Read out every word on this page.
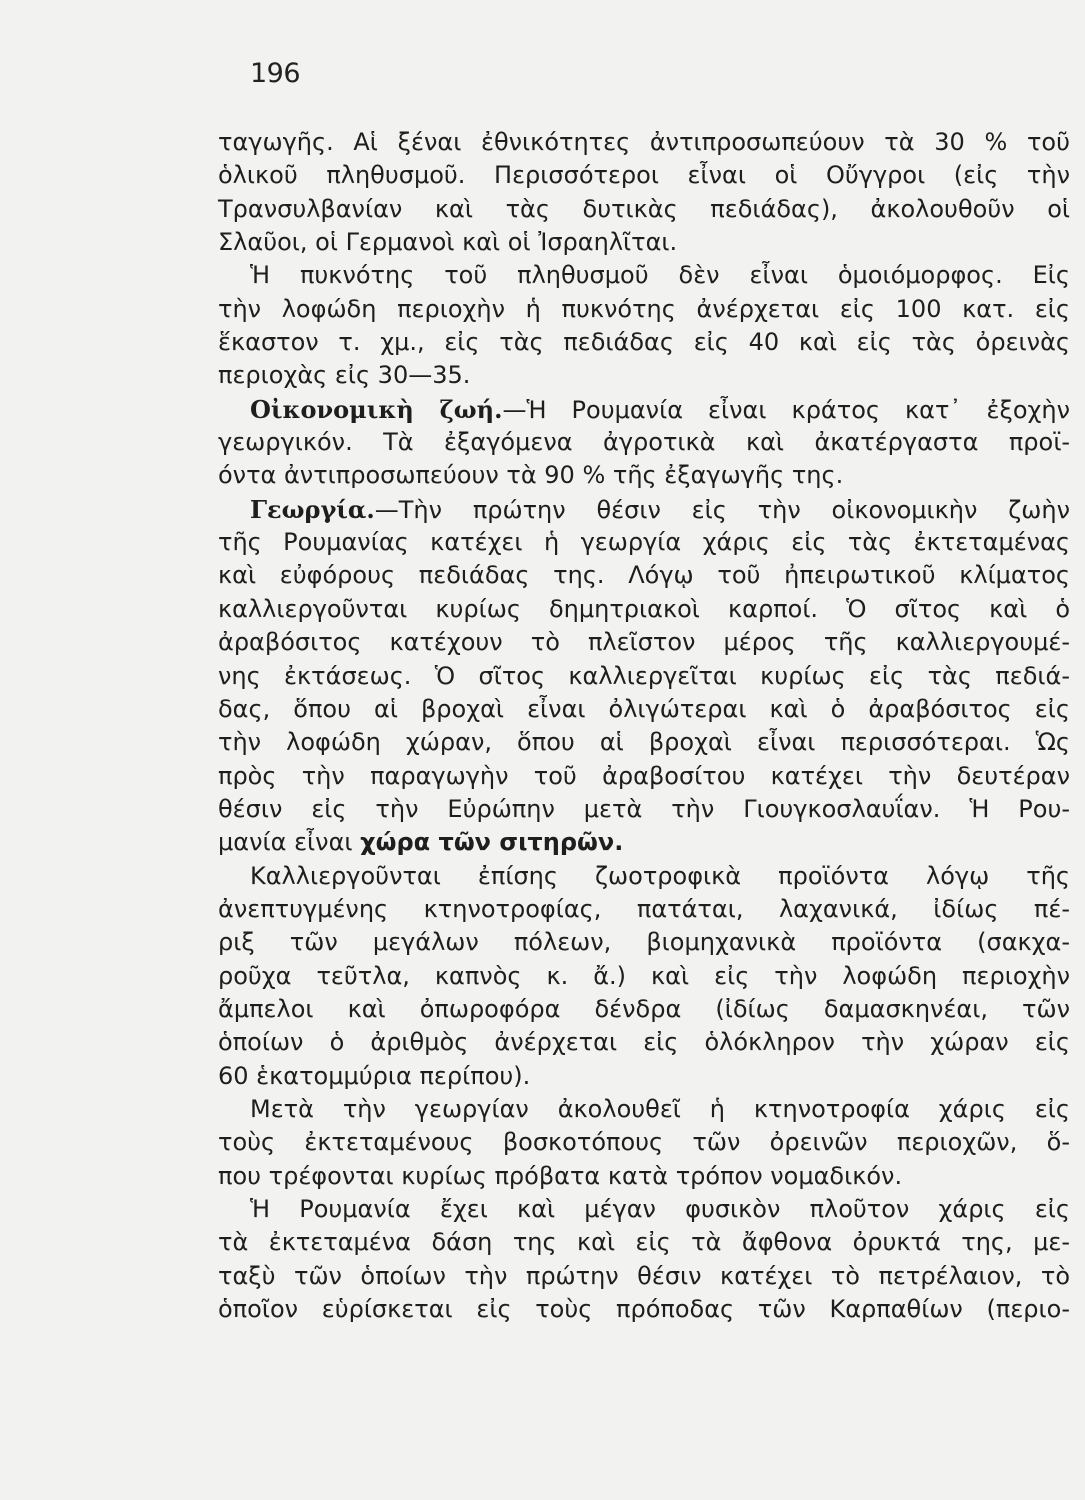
196
ταγωγῆς. Αἱ ξέναι ἐθνικότητες ἀντιπροσωπεύουν τὰ 30 % τοῦ
ὁλικοῦ πληθυσμοῦ. Περισσότεροι εἶναι οἱ Οὔγγροι (εἰς τὴν
Τρανσυλβανίαν καὶ τὰς δυτικὰς πεδιάδας), ἀκολουθοῦν οἱ
Σλαῦοι, οἱ Γερμανοὶ καὶ οἱ Ἰσραηλῖται.
Ἡ πυκνότης τοῦ πληθυσμοῦ δὲν εἶναι ὁμοιόμορφος. Εἰς
τὴν λοφώδη περιοχὴν ἡ πυκνότης ἀνέρχεται εἰς 100 κατ. εἰς
ἕκαστον τ. χμ., εἰς τὰς πεδιάδας εἰς 40 καὶ εἰς τὰς ὀρεινὰς
περιοχὰς εἰς 30—35.
Οἰκονομικὴ ζωή.—Ἡ Ρουμανία εἶναι κράτος κατ᾽ ἐξοχὴν
γεωργικόν. Τὰ ἐξαγόμενα ἀγροτικὰ καὶ ἀκατέργαστα προϊ-
όντα ἀντιπροσωπεύουν τὰ 90 % τῆς ἐξαγωγῆς της.
Γεωργία.—Τὴν πρώτην θέσιν εἰς τὴν οἰκονομικὴν ζωὴν
τῆς Ρουμανίας κατέχει ἡ γεωργία χάρις εἰς τὰς ἐκτεταμένας
καὶ εὐφόρους πεδιάδας της. Λόγῳ τοῦ ἠπειρωτικοῦ κλίματος
καλλιεργοῦνται κυρίως δημητριακοὶ καρποί. Ὁ σῖτος καὶ ὁ
ἀραβόσιτος κατέχουν τὸ πλεῖστον μέρος τῆς καλλιεργουμέ-
νης ἐκτάσεως. Ὁ σῖτος καλλιεργεῖται κυρίως εἰς τὰς πεδιά-
δας, ὅπου αἱ βροχαὶ εἶναι ὀλιγώτεραι καὶ ὁ ἀραβόσιτος εἰς
τὴν λοφώδη χώραν, ὅπου αἱ βροχαὶ εἶναι περισσότεραι. Ὡς
πρὸς τὴν παραγωγὴν τοῦ ἀραβοσίτου κατέχει τὴν δευτέραν
θέσιν εἰς τὴν Εὐρώπην μετὰ τὴν Γιουγκοσλαυΐαν. Ἡ Ρου-
μανία εἶναι χώρα τῶν σιτηρῶν.
Καλλιεργοῦνται ἐπίσης ζωοτροφικὰ προϊόντα λόγῳ τῆς
ἀνεπτυγμένης κτηνοτροφίας, πατάται, λαχανικά, ἰδίως πέ-
ριξ τῶν μεγάλων πόλεων, βιομηχανικὰ προϊόντα (σακχα-
ροῦχα τεῦτλα, καπνὸς κ. ἄ.) καὶ εἰς τὴν λοφώδη περιοχὴν
ἄμπελοι καὶ ὀπωροφόρα δένδρα (ἰδίως δαμασκηνέαι, τῶν
ὁποίων ὁ ἀριθμὸς ἀνέρχεται εἰς ὁλόκληρον τὴν χώραν εἰς
60 ἑκατομμύρια περίπου).
Μετὰ τὴν γεωργίαν ἀκολουθεῖ ἡ κτηνοτροφία χάρις εἰς
τοὺς ἐκτεταμένους βοσκοτόπους τῶν ὀρεινῶν περιοχῶν, ὅ-
που τρέφονται κυρίως πρόβατα κατὰ τρόπον νομαδικόν.
Ἡ Ρουμανία ἔχει καὶ μέγαν φυσικὸν πλοῦτον χάρις εἰς
τὰ ἐκτεταμένα δάση της καὶ εἰς τὰ ἄφθονα ὀρυκτά της, με-
ταξὺ τῶν ὁποίων τὴν πρώτην θέσιν κατέχει τὸ πετρέλαιον, τὸ
ὁποῖον εὑρίσκεται εἰς τοὺς πρόποδας τῶν Καρπαθίων (περιο-
